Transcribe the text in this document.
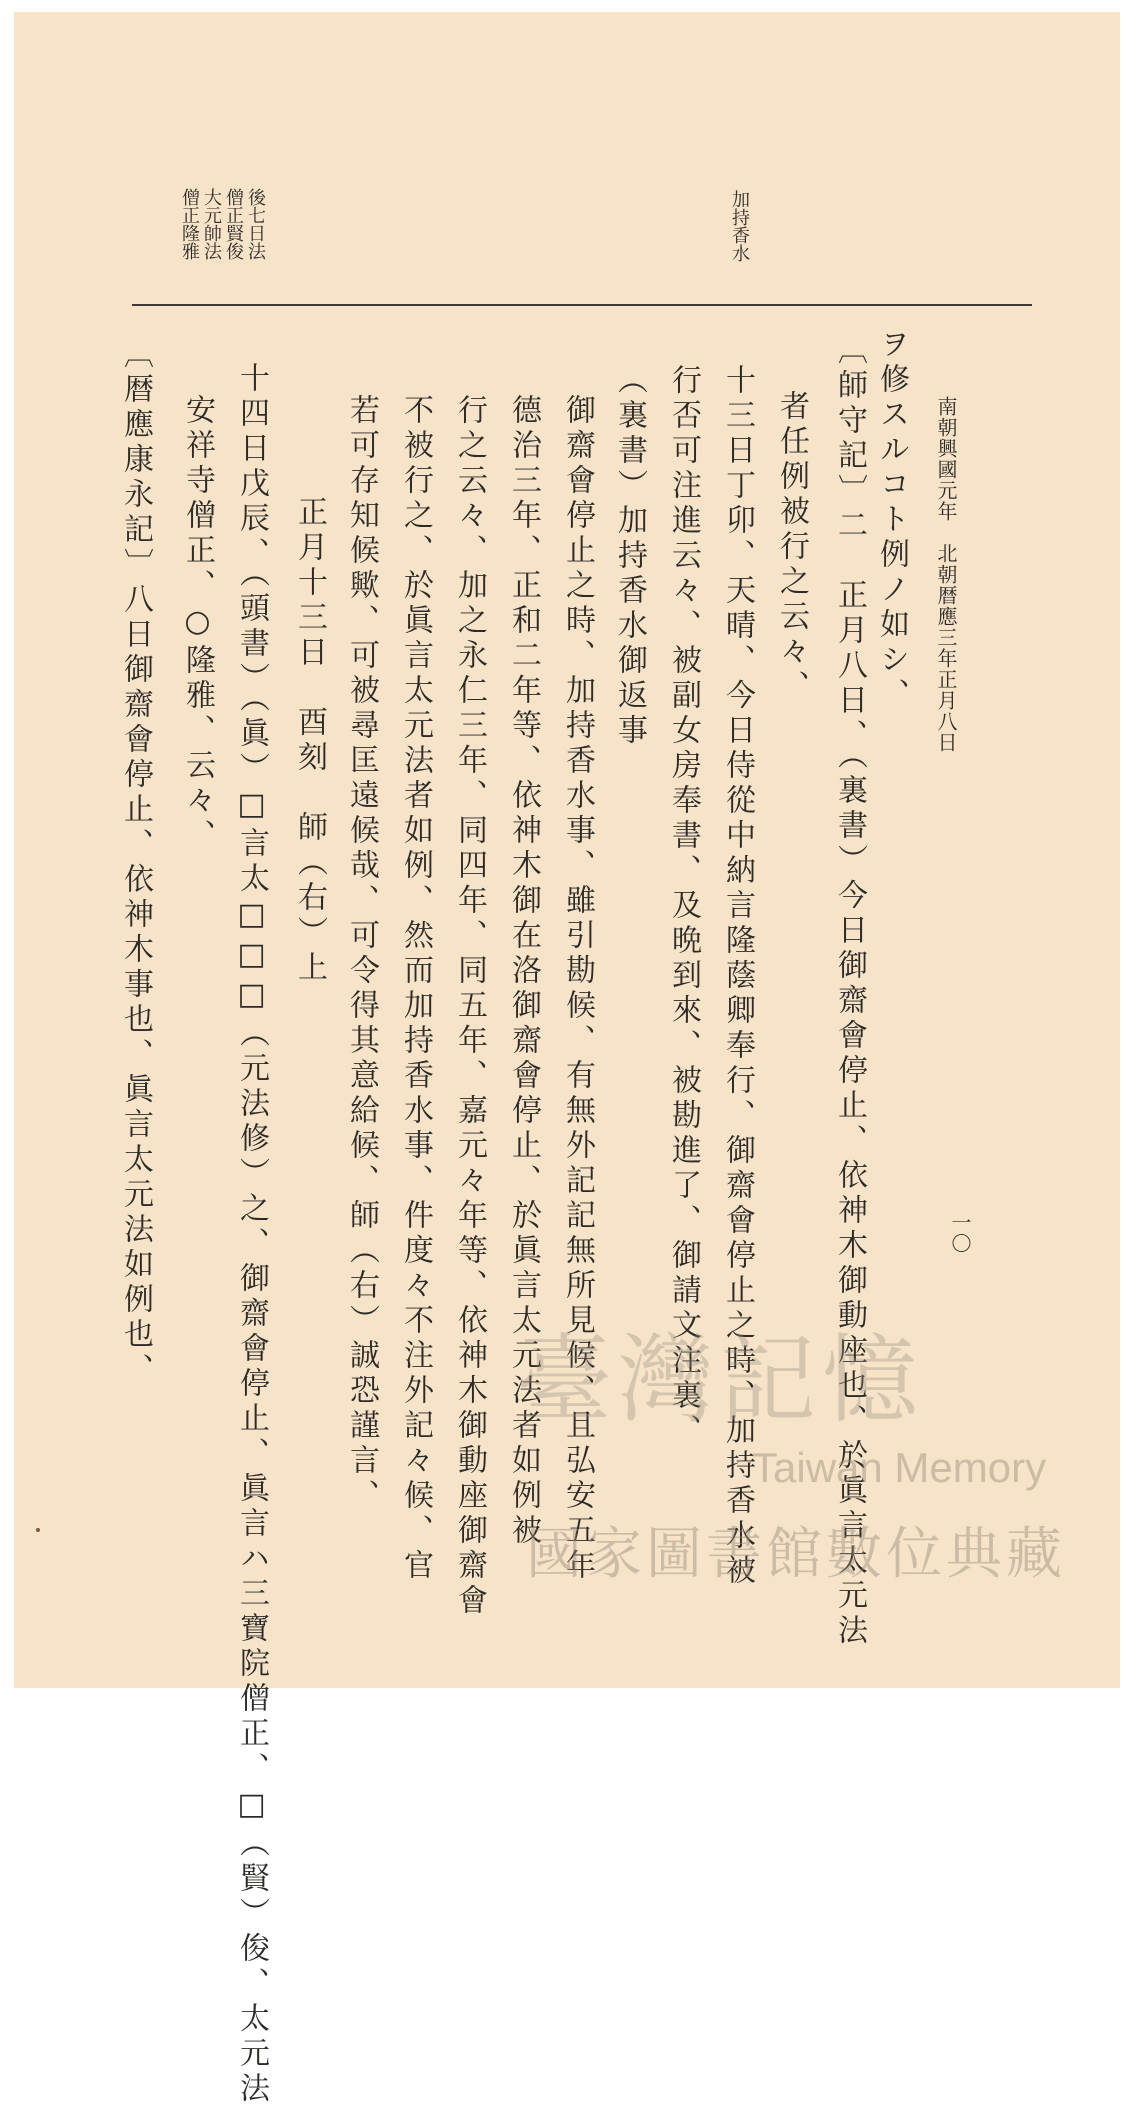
南朝興國元年　北朝暦應三年正月八日
一〇
加持香水
後七日法
僧正賢俊
大元帥法
僧正隆雅
ヲ修スルコト例ノ如シ、
〔師守記〕二　正月八日、（裏書）今日御齋會停止、依神木御動座也、於眞言太元法
者任例被行之云々、
十三日丁卯、天晴、今日侍從中納言隆蔭卿奉行、御齋會停止之時、加持香水被
行否可注進云々、被副女房奉書、及晩到來、被勘進了、御請文注裏、
（裏書）加持香水御返事
御齋會停止之時、加持香水事、雖引勘候、有無外記記無所見候、且弘安五年
德治三年、正和二年等、依神木御在洛御齋會停止、於眞言太元法者如例被
行之云々、加之永仁三年、同四年、同五年、嘉元々年等、依神木御動座御齋會
不被行之、於眞言太元法者如例、然而加持香水事、件度々不注外記々候、官
若可存知候歟、可被尋匡遠候哉、可令得其意給候、師（右）誠恐謹言、
正月十三日　酉刻　師（右）上
十四日戊辰、（頭書）（眞）□言太□□□（元法修）之、御齋會停止、眞言ハ三寶院僧正、□（賢）俊、太元法
安祥寺僧正、○隆雅、云々、
〔暦應康永記〕八日御齋會停止、依神木事也、眞言太元法如例也、	臺灣記憶
Taiwan Memory
國家圖書館數位典藏
